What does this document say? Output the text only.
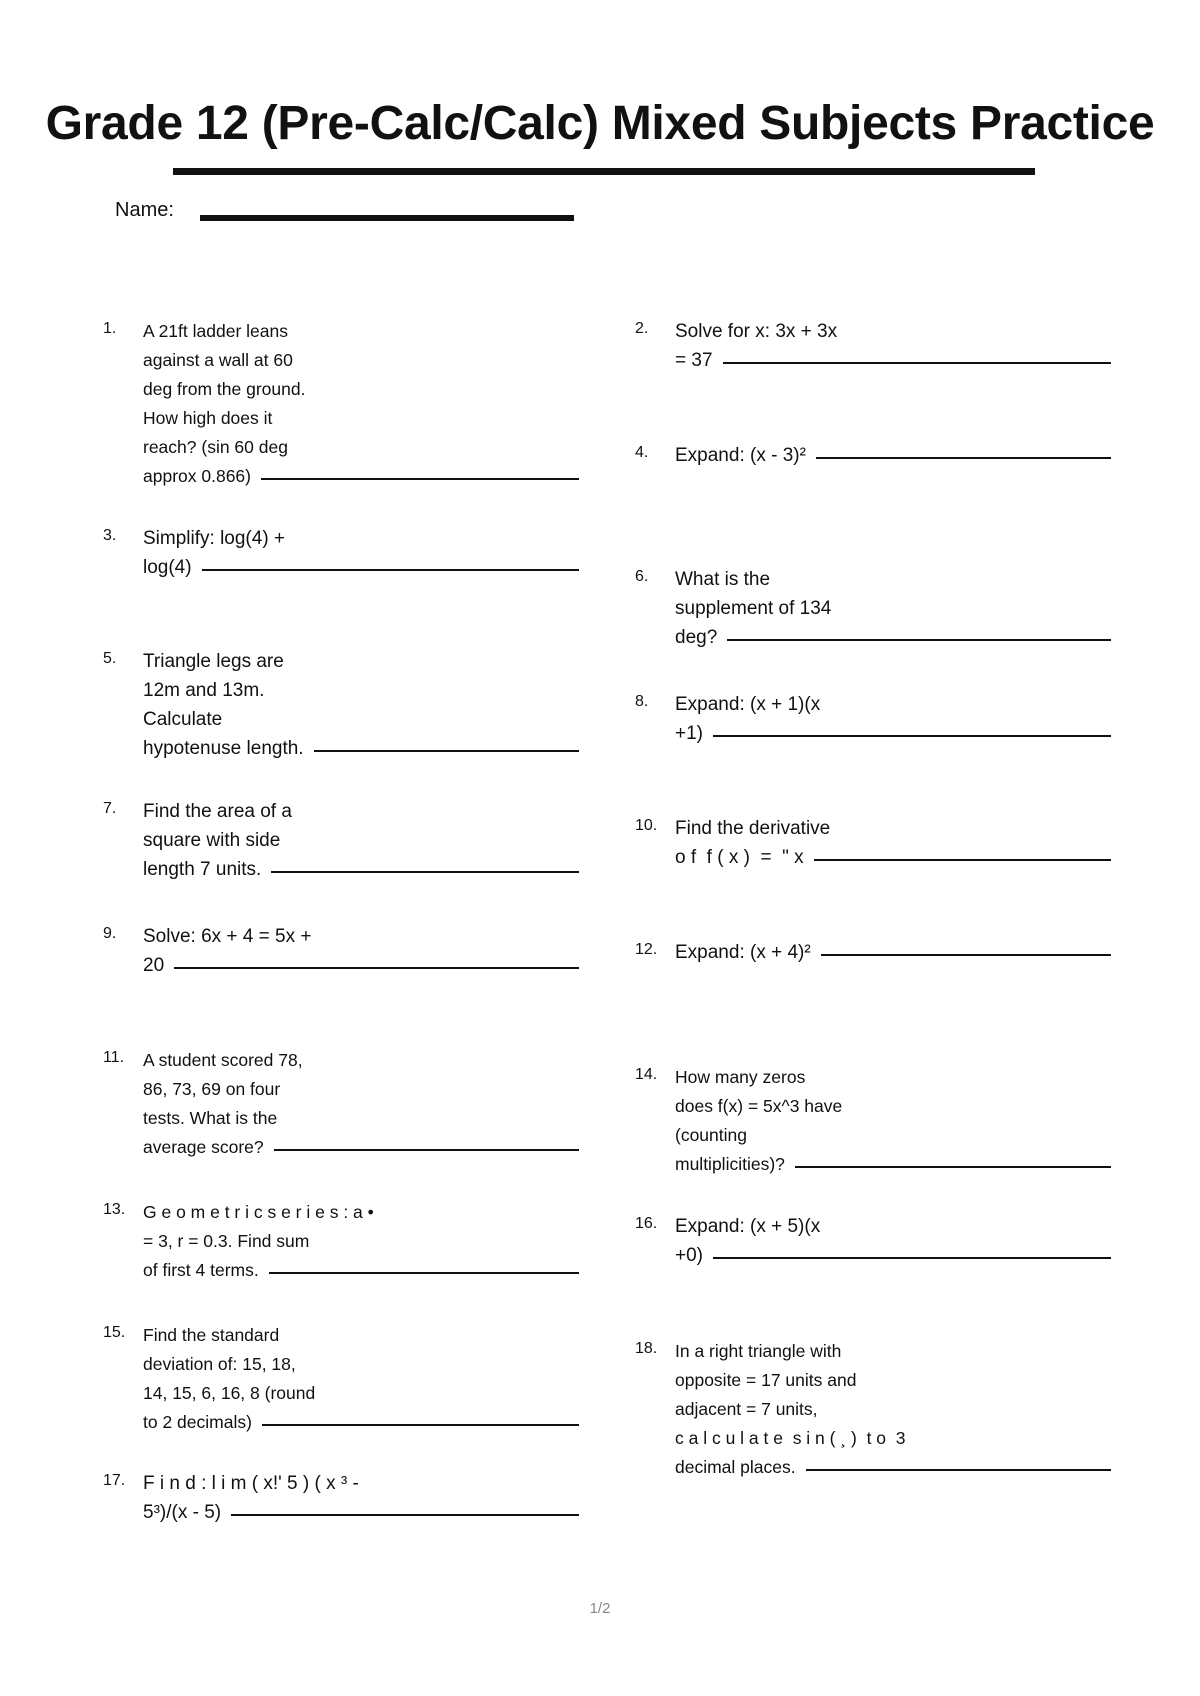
Grade 12 (Pre-Calc/Calc) Mixed Subjects Practice
Name:
1. A 21ft ladder leans
against a wall at 60
deg from the ground.
How high does it
reach? (sin 60 deg
approx 0.866)
3. Simplify: log(4) +
log(4)
5. Triangle legs are
12m and 13m.
Calculate
hypotenuse length.
7. Find the area of a
square with side
length 7 units.
9. Solve: 6x + 4 = 5x +
20
11. A student scored 78,
86, 73, 69 on four
tests. What is the
average score?
13. G e o m e t r i c s e r i e s : a •
= 3, r = 0.3. Find sum
of first 4 terms.
15. Find the standard
deviation of: 15, 18,
14, 15, 6, 16, 8 (round
to 2 decimals)
17. F i n d : l i m ( x!' 5 ) ( x ³ -
5³)/(x - 5)
2. Solve for x: 3x + 3x
= 37
4. Expand: (x - 3)²
6. What is the
supplement of 134
deg?
8. Expand: (x + 1)(x
+1)
10. Find the derivative
o f  f ( x )  =  " x
12. Expand: (x + 4)²
14. How many zeros
does f(x) = 5x^3 have
(counting
multiplicities)?
16. Expand: (x + 5)(x
+0)
18. In a right triangle with
opposite = 17 units and
adjacent = 7 units,
c a l c u l a t e  s i n ( ¸ )  t o  3
decimal places.
1/2
